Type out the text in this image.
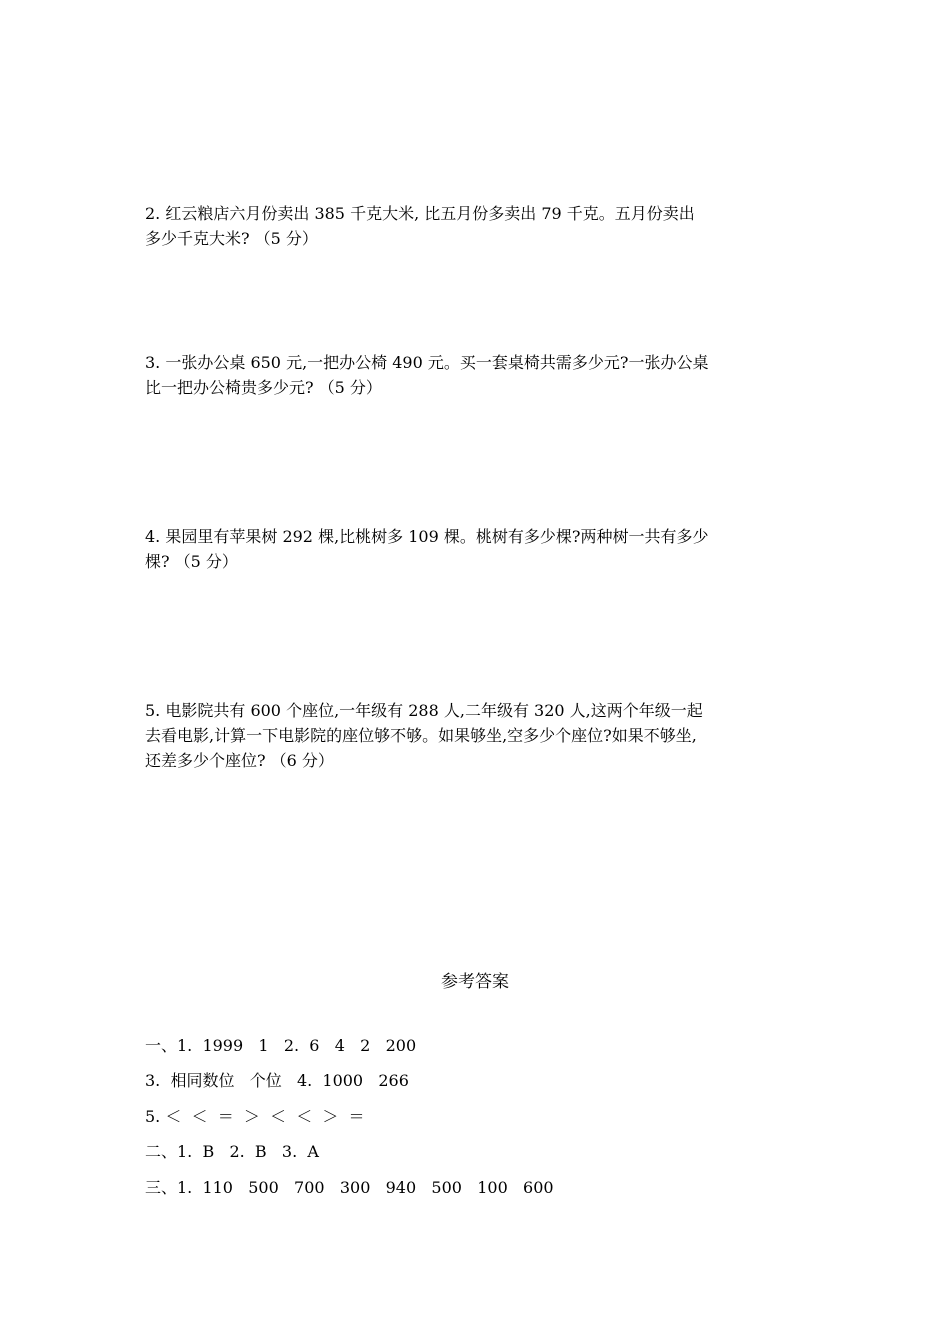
2. 红云粮店六月份卖出 385 千克大米, 比五月份多卖出 79 千克。五月份卖出
多少千克大米? （5 分）
3. 一张办公桌 650 元,一把办公椅 490 元。买一套桌椅共需多少元?一张办公桌
比一把办公椅贵多少元? （5 分）
4. 果园里有苹果树 292 棵,比桃树多 109 棵。桃树有多少棵?两种树一共有多少
棵? （5 分）
5. 电影院共有 600 个座位,一年级有 288 人,二年级有 320 人,这两个年级一起
去看电影,计算一下电影院的座位够不够。如果够坐,空多少个座位?如果不够坐,
还差多少个座位? （6 分）
参考答案
一、1.  1999   1   2.  6   4   2   200
3.  相同数位   个位   4.  1000   266
5. ＜  ＜  ＝  ＞  ＜  ＜  ＞  ＝
二、1.  B   2.  B   3.  A
三、1.  110   500   700   300   940   500   100   600
